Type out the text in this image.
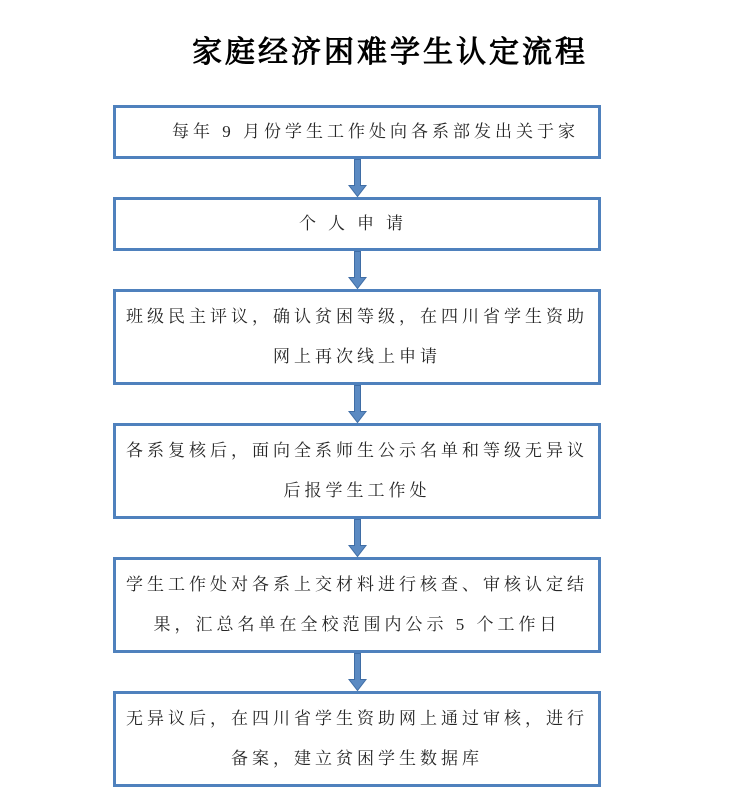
家庭经济困难学生认定流程
每年 9 月份学生工作处向各系部发出关于家
个人申请
班级民主评议，确认贫困等级，在四川省学生资助
网上再次线上申请
各系复核后，面向全系师生公示名单和等级无异议
后报学生工作处
学生工作处对各系上交材料进行核查、审核认定结
果，汇总名单在全校范围内公示 5 个工作日
无异议后，在四川省学生资助网上通过审核，进行
备案，建立贫困学生数据库
